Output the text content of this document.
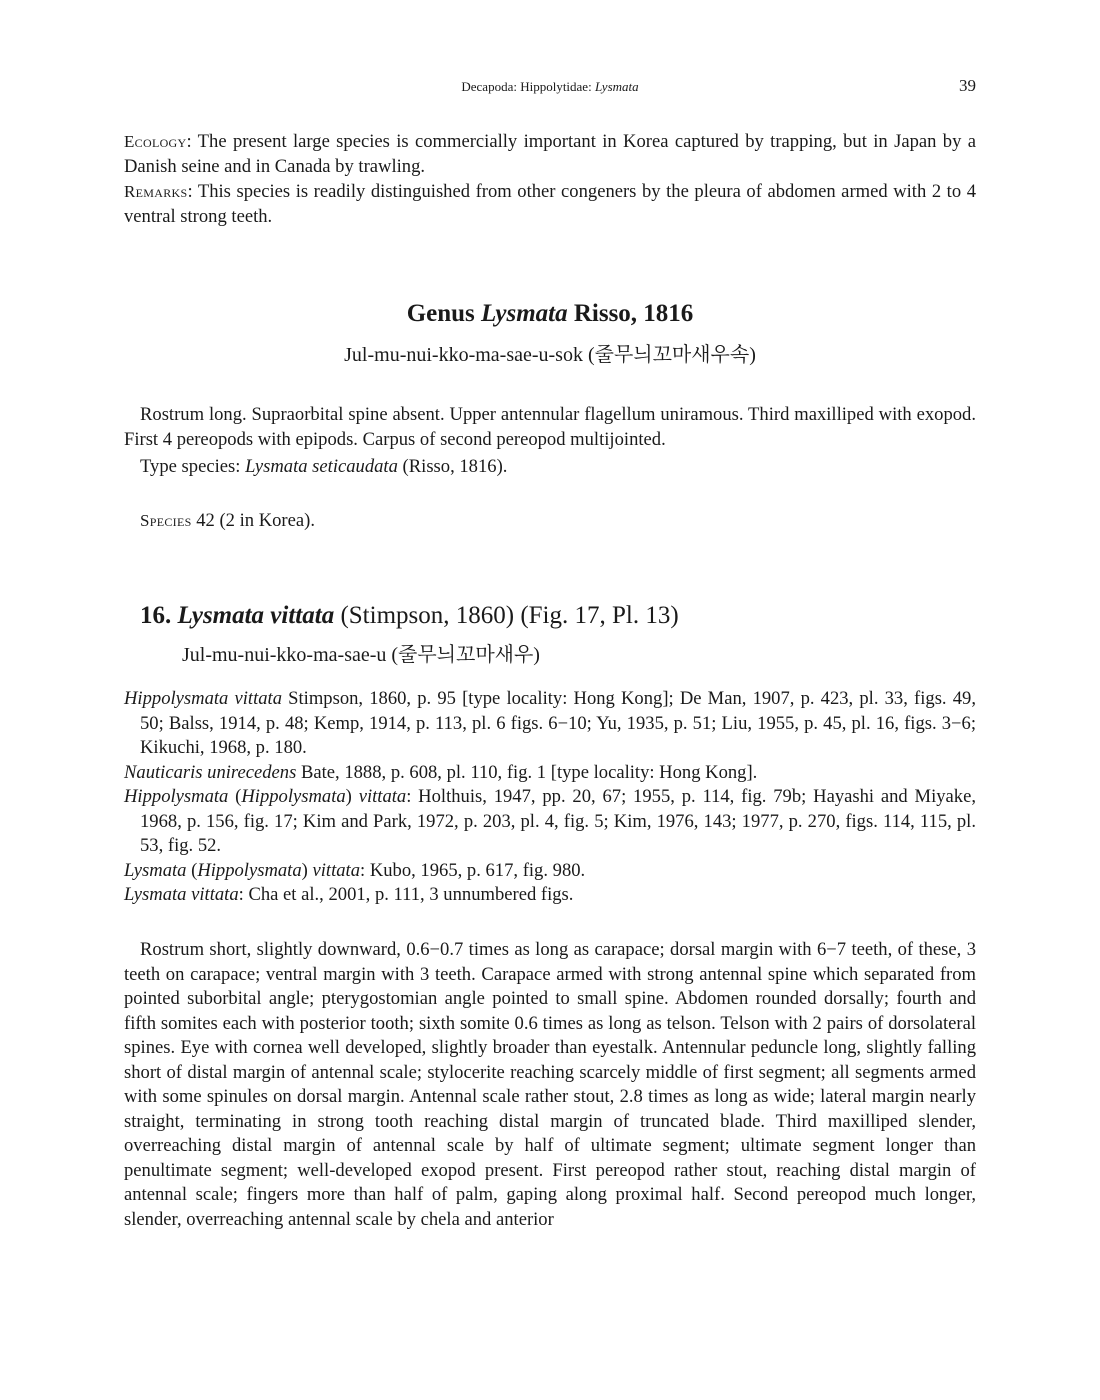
Decapoda: Hippolytidae: Lysmata	39

Ecology: The present large species is commercially important in Korea captured by trapping, but in Japan by a Danish seine and in Canada by trawling.

Remarks: This species is readily distinguished from other congeners by the pleura of abdomen armed with 2 to 4 ventral strong teeth.

Genus Lysmata Risso, 1816
Jul-mu-nui-kko-ma-sae-u-sok (줄무늬꼬마새우속)

Rostrum long. Supraorbital spine absent. Upper antennular flagellum uniramous. Third maxilliped with exopod. First 4 pereopods with epipods. Carpus of second pereopod multijointed.

Type species: Lysmata seticaudata (Risso, 1816).

Species 42 (2 in Korea).

16. Lysmata vittata (Stimpson, 1860) (Fig. 17, Pl. 13)
Jul-mu-nui-kko-ma-sae-u (줄무늬꼬마새우)
Hippolysmata vittata Stimpson, 1860, p. 95 [type locality: Hong Kong]; De Man, 1907, p. 423, pl. 33, figs. 49, 50; Balss, 1914, p. 48; Kemp, 1914, p. 113, pl. 6 figs. 6−10; Yu, 1935, p. 51; Liu, 1955, p. 45, pl. 16, figs. 3−6; Kikuchi, 1968, p. 180.
Nauticaris unirecedens Bate, 1888, p. 608, pl. 110, fig. 1 [type locality: Hong Kong].
Hippolysmata (Hippolysmata) vittata: Holthuis, 1947, pp. 20, 67; 1955, p. 114, fig. 79b; Hayashi and Miyake, 1968, p. 156, fig. 17; Kim and Park, 1972, p. 203, pl. 4, fig. 5; Kim, 1976, 143; 1977, p. 270, figs. 114, 115, pl. 53, fig. 52.
Lysmata (Hippolysmata) vittata: Kubo, 1965, p. 617, fig. 980.
Lysmata vittata: Cha et al., 2001, p. 111, 3 unnumbered figs.

Rostrum short, slightly downward, 0.6−0.7 times as long as carapace; dorsal margin with 6−7 teeth, of these, 3 teeth on carapace; ventral margin with 3 teeth. Carapace armed with strong antennal spine which separated from pointed suborbital angle; pterygostomian angle pointed to small spine. Abdomen rounded dorsally; fourth and fifth somites each with posterior tooth; sixth somite 0.6 times as long as telson. Telson with 2 pairs of dorsolateral spines. Eye with cornea well developed, slightly broader than eyestalk. Antennular peduncle long, slightly falling short of distal margin of antennal scale; stylocerite reaching scarcely middle of first segment; all segments armed with some spinules on dorsal margin. Antennal scale rather stout, 2.8 times as long as wide; lateral margin nearly straight, terminating in strong tooth reaching distal margin of truncated blade. Third maxilliped slender, overreaching distal margin of antennal scale by half of ultimate segment; ultimate segment longer than penultimate segment; well-developed exopod present. First pereopod rather stout, reaching distal margin of antennal scale; fingers more than half of palm, gaping along proximal half. Second pereopod much longer, slender, overreaching antennal scale by chela and anterior
